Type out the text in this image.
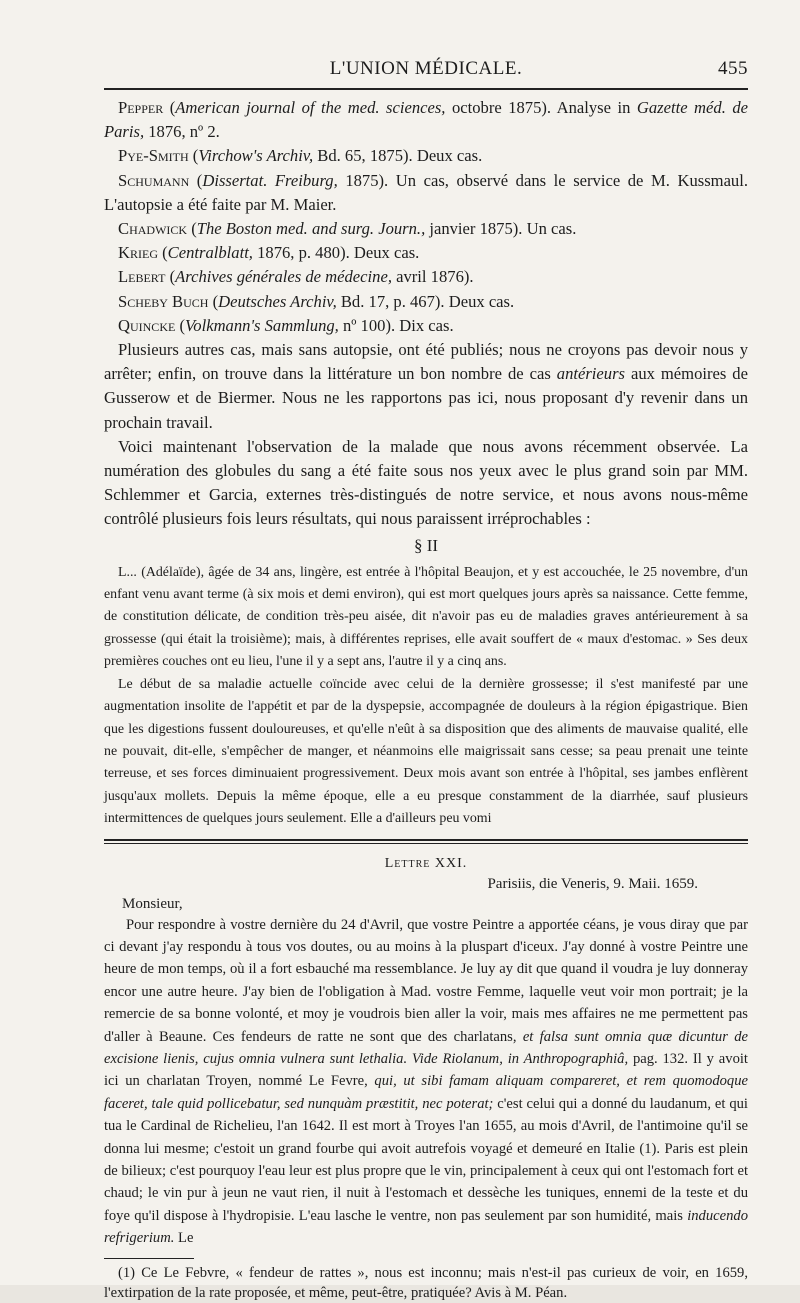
L'UNION MÉDICALE.	455

Pepper (American journal of the med. sciences, octobre 1875). Analyse in Gazette méd. de Paris, 1876, nº 2.

Pye-Smith (Virchow's Archiv, Bd. 65, 1875). Deux cas.

Schumann (Dissertat. Freiburg, 1875). Un cas, observé dans le service de M. Kussmaul. L'autopsie a été faite par M. Maier.

Chadwick (The Boston med. and surg. Journ., janvier 1875). Un cas.

Krieg (Centralblatt, 1876, p. 480). Deux cas.

Lebert (Archives générales de médecine, avril 1876).

Scheby Buch (Deutsches Archiv, Bd. 17, p. 467). Deux cas.

Quincke (Volkmann's Sammlung, nº 100). Dix cas.

Plusieurs autres cas, mais sans autopsie, ont été publiés; nous ne croyons pas devoir nous y arrêter; enfin, on trouve dans la littérature un bon nombre de cas antérieurs aux mémoires de Gusserow et de Biermer. Nous ne les rapportons pas ici, nous proposant d'y revenir dans un prochain travail.

Voici maintenant l'observation de la malade que nous avons récemment observée. La numération des globules du sang a été faite sous nos yeux avec le plus grand soin par MM. Schlemmer et Garcia, externes très-distingués de notre service, et nous avons nous-même contrôlé plusieurs fois leurs résultats, qui nous paraissent irréprochables :

§ II

L... (Adélaïde), âgée de 34 ans, lingère, est entrée à l'hôpital Beaujon, et y est accouchée, le 25 novembre, d'un enfant venu avant terme (à six mois et demi environ), qui est mort quelques jours après sa naissance. Cette femme, de constitution délicate, de condition très-peu aisée, dit n'avoir pas eu de maladies graves antérieurement à sa grossesse (qui était la troisième); mais, à différentes reprises, elle avait souffert de « maux d'estomac. » Ses deux premières couches ont eu lieu, l'une il y a sept ans, l'autre il y a cinq ans.

Le début de sa maladie actuelle coïncide avec celui de la dernière grossesse; il s'est manifesté par une augmentation insolite de l'appétit et par de la dyspepsie, accompagnée de douleurs à la région épigastrique. Bien que les digestions fussent douloureuses, et qu'elle n'eût à sa disposition que des aliments de mauvaise qualité, elle ne pouvait, dit-elle, s'empêcher de manger, et néanmoins elle maigrissait sans cesse; sa peau prenait une teinte terreuse, et ses forces diminuaient progressivement. Deux mois avant son entrée à l'hôpital, ses jambes enflèrent jusqu'aux mollets. Depuis la même époque, elle a eu presque constamment de la diarrhée, sauf plusieurs intermittences de quelques jours seulement. Elle a d'ailleurs peu vomi

Lettre XXI.
Parisiis, die Veneris, 9. Maii. 1659.
Monsieur,

Pour respondre à vostre dernière du 24 d'Avril, que vostre Peintre a apportée céans, je vous diray que par ci devant j'ay respondu à tous vos doutes, ou au moins à la pluspart d'iceux. J'ay donné à vostre Peintre une heure de mon temps, où il a fort esbauché ma ressemblance. Je luy ay dit que quand il voudra je luy donneray encor une autre heure. J'ay bien de l'obligation à Mad. vostre Femme, laquelle veut voir mon portrait; je la remercie de sa bonne volonté, et moy je voudrois bien aller la voir, mais mes affaires ne me permettent pas d'aller à Beaune. Ces fendeurs de ratte ne sont que des charlatans, et falsa sunt omnia quæ dicuntur de excisione lienis, cujus omnia vulnera sunt lethalia. Vide Riolanum, in Anthropographiâ, pag. 132. Il y avoit ici un charlatan Troyen, nommé Le Fevre, qui, ut sibi famam aliquam compareret, et rem quomodoque faceret, tale quid pollicebatur, sed nunquàm præstitit, nec poterat; c'est celui qui a donné du laudanum, et qui tua le Cardinal de Richelieu, l'an 1642. Il est mort à Troyes l'an 1655, au mois d'Avril, de l'antimoine qu'il se donna lui mesme; c'estoit un grand fourbe qui avoit autrefois voyagé et demeuré en Italie (1). Paris est plein de bilieux; c'est pourquoy l'eau leur est plus propre que le vin, principalement à ceux qui ont l'estomach fort et chaud; le vin pur à jeun ne vaut rien, il nuit à l'estomach et dessèche les tuniques, ennemi de la teste et du foye qu'il dispose à l'hydropisie. L'eau lasche le ventre, non pas seulement par son humidité, mais inducendo refrigerium. Le

(1) Ce Le Febvre, « fendeur de rattes », nous est inconnu; mais n'est-il pas curieux de voir, en 1659, l'extirpation de la rate proposée, et même, peut-être, pratiquée? Avis à M. Péan.
